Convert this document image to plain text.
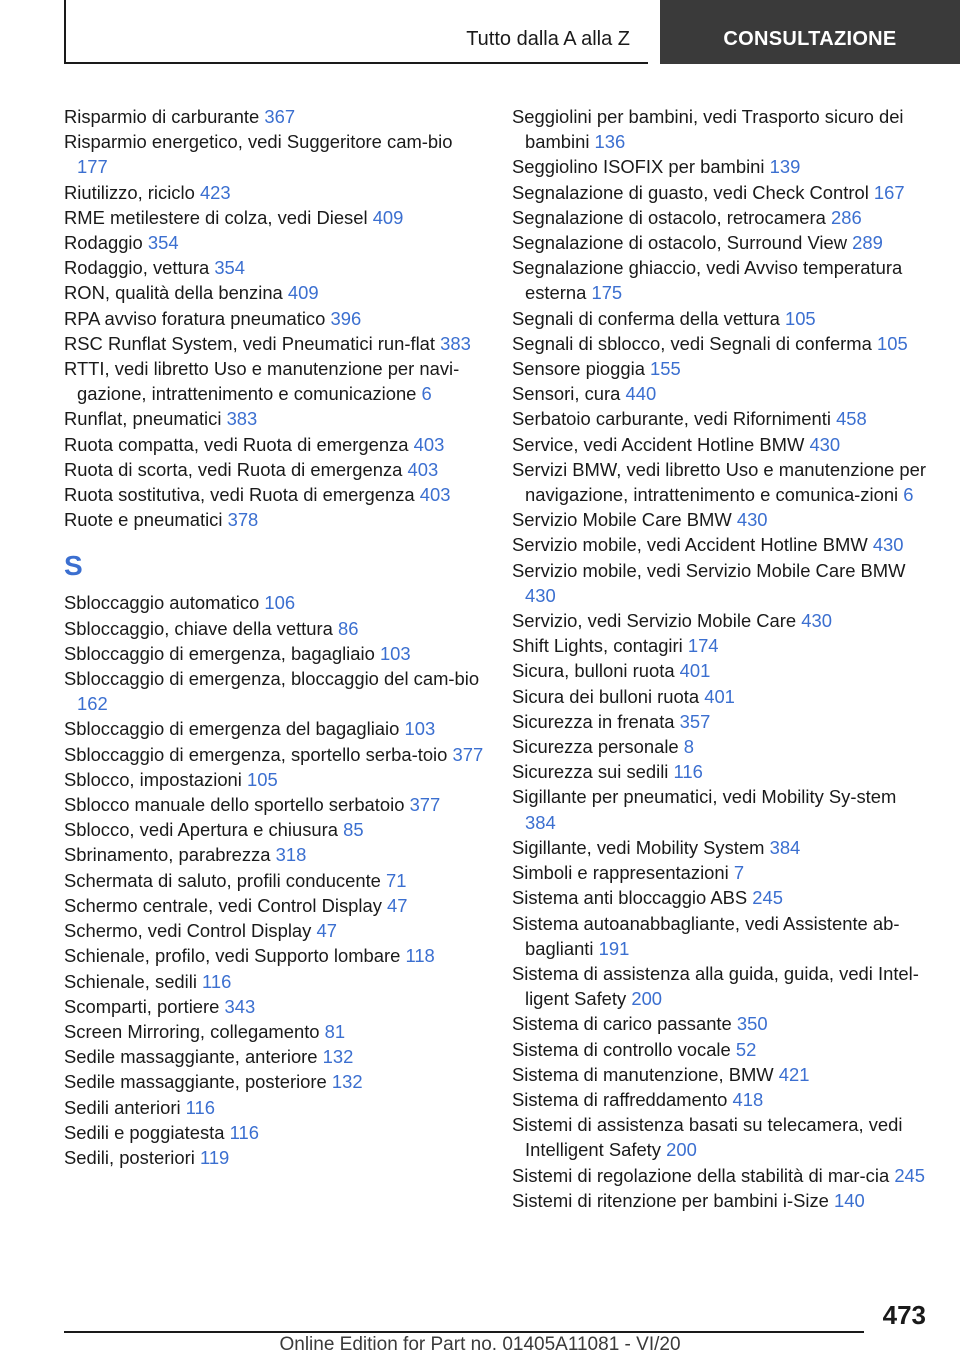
Tutto dalla A alla Z	CONSULTAZIONE
Risparmio di carburante 367
Risparmio energetico, vedi Suggeritore cam-bio 177
Riutilizzo, riciclo 423
RME metilestere di colza, vedi Diesel 409
Rodaggio 354
Rodaggio, vettura 354
RON, qualità della benzina 409
RPA avviso foratura pneumatico 396
RSC Runflat System, vedi Pneumatici run-flat 383
RTTI, vedi libretto Uso e manutenzione per navi-gazione, intrattenimento e comunicazione 6
Runflat, pneumatici 383
Ruota compatta, vedi Ruota di emergenza 403
Ruota di scorta, vedi Ruota di emergenza 403
Ruota sostitutiva, vedi Ruota di emergenza 403
Ruote e pneumatici 378
S
Sbloccaggio automatico 106
Sbloccaggio, chiave della vettura 86
Sbloccaggio di emergenza, bagagliaio 103
Sbloccaggio di emergenza, bloccaggio del cam-bio 162
Sbloccaggio di emergenza del bagagliaio 103
Sbloccaggio di emergenza, sportello serba-toio 377
Sblocco, impostazioni 105
Sblocco manuale dello sportello serbatoio 377
Sblocco, vedi Apertura e chiusura 85
Sbrinamento, parabrezza 318
Schermata di saluto, profili conducente 71
Schermo centrale, vedi Control Display 47
Schermo, vedi Control Display 47
Schienale, profilo, vedi Supporto lombare 118
Schienale, sedili 116
Scomparti, portiere 343
Screen Mirroring, collegamento 81
Sedile massaggiante, anteriore 132
Sedile massaggiante, posteriore 132
Sedili anteriori 116
Sedili e poggiatesta 116
Sedili, posteriori 119
Seggiolini per bambini, vedi Trasporto sicuro dei bambini 136
Seggiolino ISOFIX per bambini 139
Segnalazione di guasto, vedi Check Control 167
Segnalazione di ostacolo, retrocamera 286
Segnalazione di ostacolo, Surround View 289
Segnalazione ghiaccio, vedi Avviso temperatura esterna 175
Segnali di conferma della vettura 105
Segnali di sblocco, vedi Segnali di conferma 105
Sensore pioggia 155
Sensori, cura 440
Serbatoio carburante, vedi Rifornimenti 458
Service, vedi Accident Hotline BMW 430
Servizi BMW, vedi libretto Uso e manutenzione per navigazione, intrattenimento e comunica-zioni 6
Servizio Mobile Care BMW 430
Servizio mobile, vedi Accident Hotline BMW 430
Servizio mobile, vedi Servizio Mobile Care BMW 430
Servizio, vedi Servizio Mobile Care 430
Shift Lights, contagiri 174
Sicura, bulloni ruota 401
Sicura dei bulloni ruota 401
Sicurezza in frenata 357
Sicurezza personale 8
Sicurezza sui sedili 116
Sigillante per pneumatici, vedi Mobility Sy-stem 384
Sigillante, vedi Mobility System 384
Simboli e rappresentazioni 7
Sistema anti bloccaggio ABS 245
Sistema autoanabbagliante, vedi Assistente ab-baglianti 191
Sistema di assistenza alla guida, guida, vedi Intel-ligent Safety 200
Sistema di carico passante 350
Sistema di controllo vocale 52
Sistema di manutenzione, BMW 421
Sistema di raffreddamento 418
Sistemi di assistenza basati su telecamera, vedi Intelligent Safety 200
Sistemi di regolazione della stabilità di mar-cia 245
Sistemi di ritenzione per bambini i-Size 140
473
Online Edition for Part no. 01405A11081 - VI/20
